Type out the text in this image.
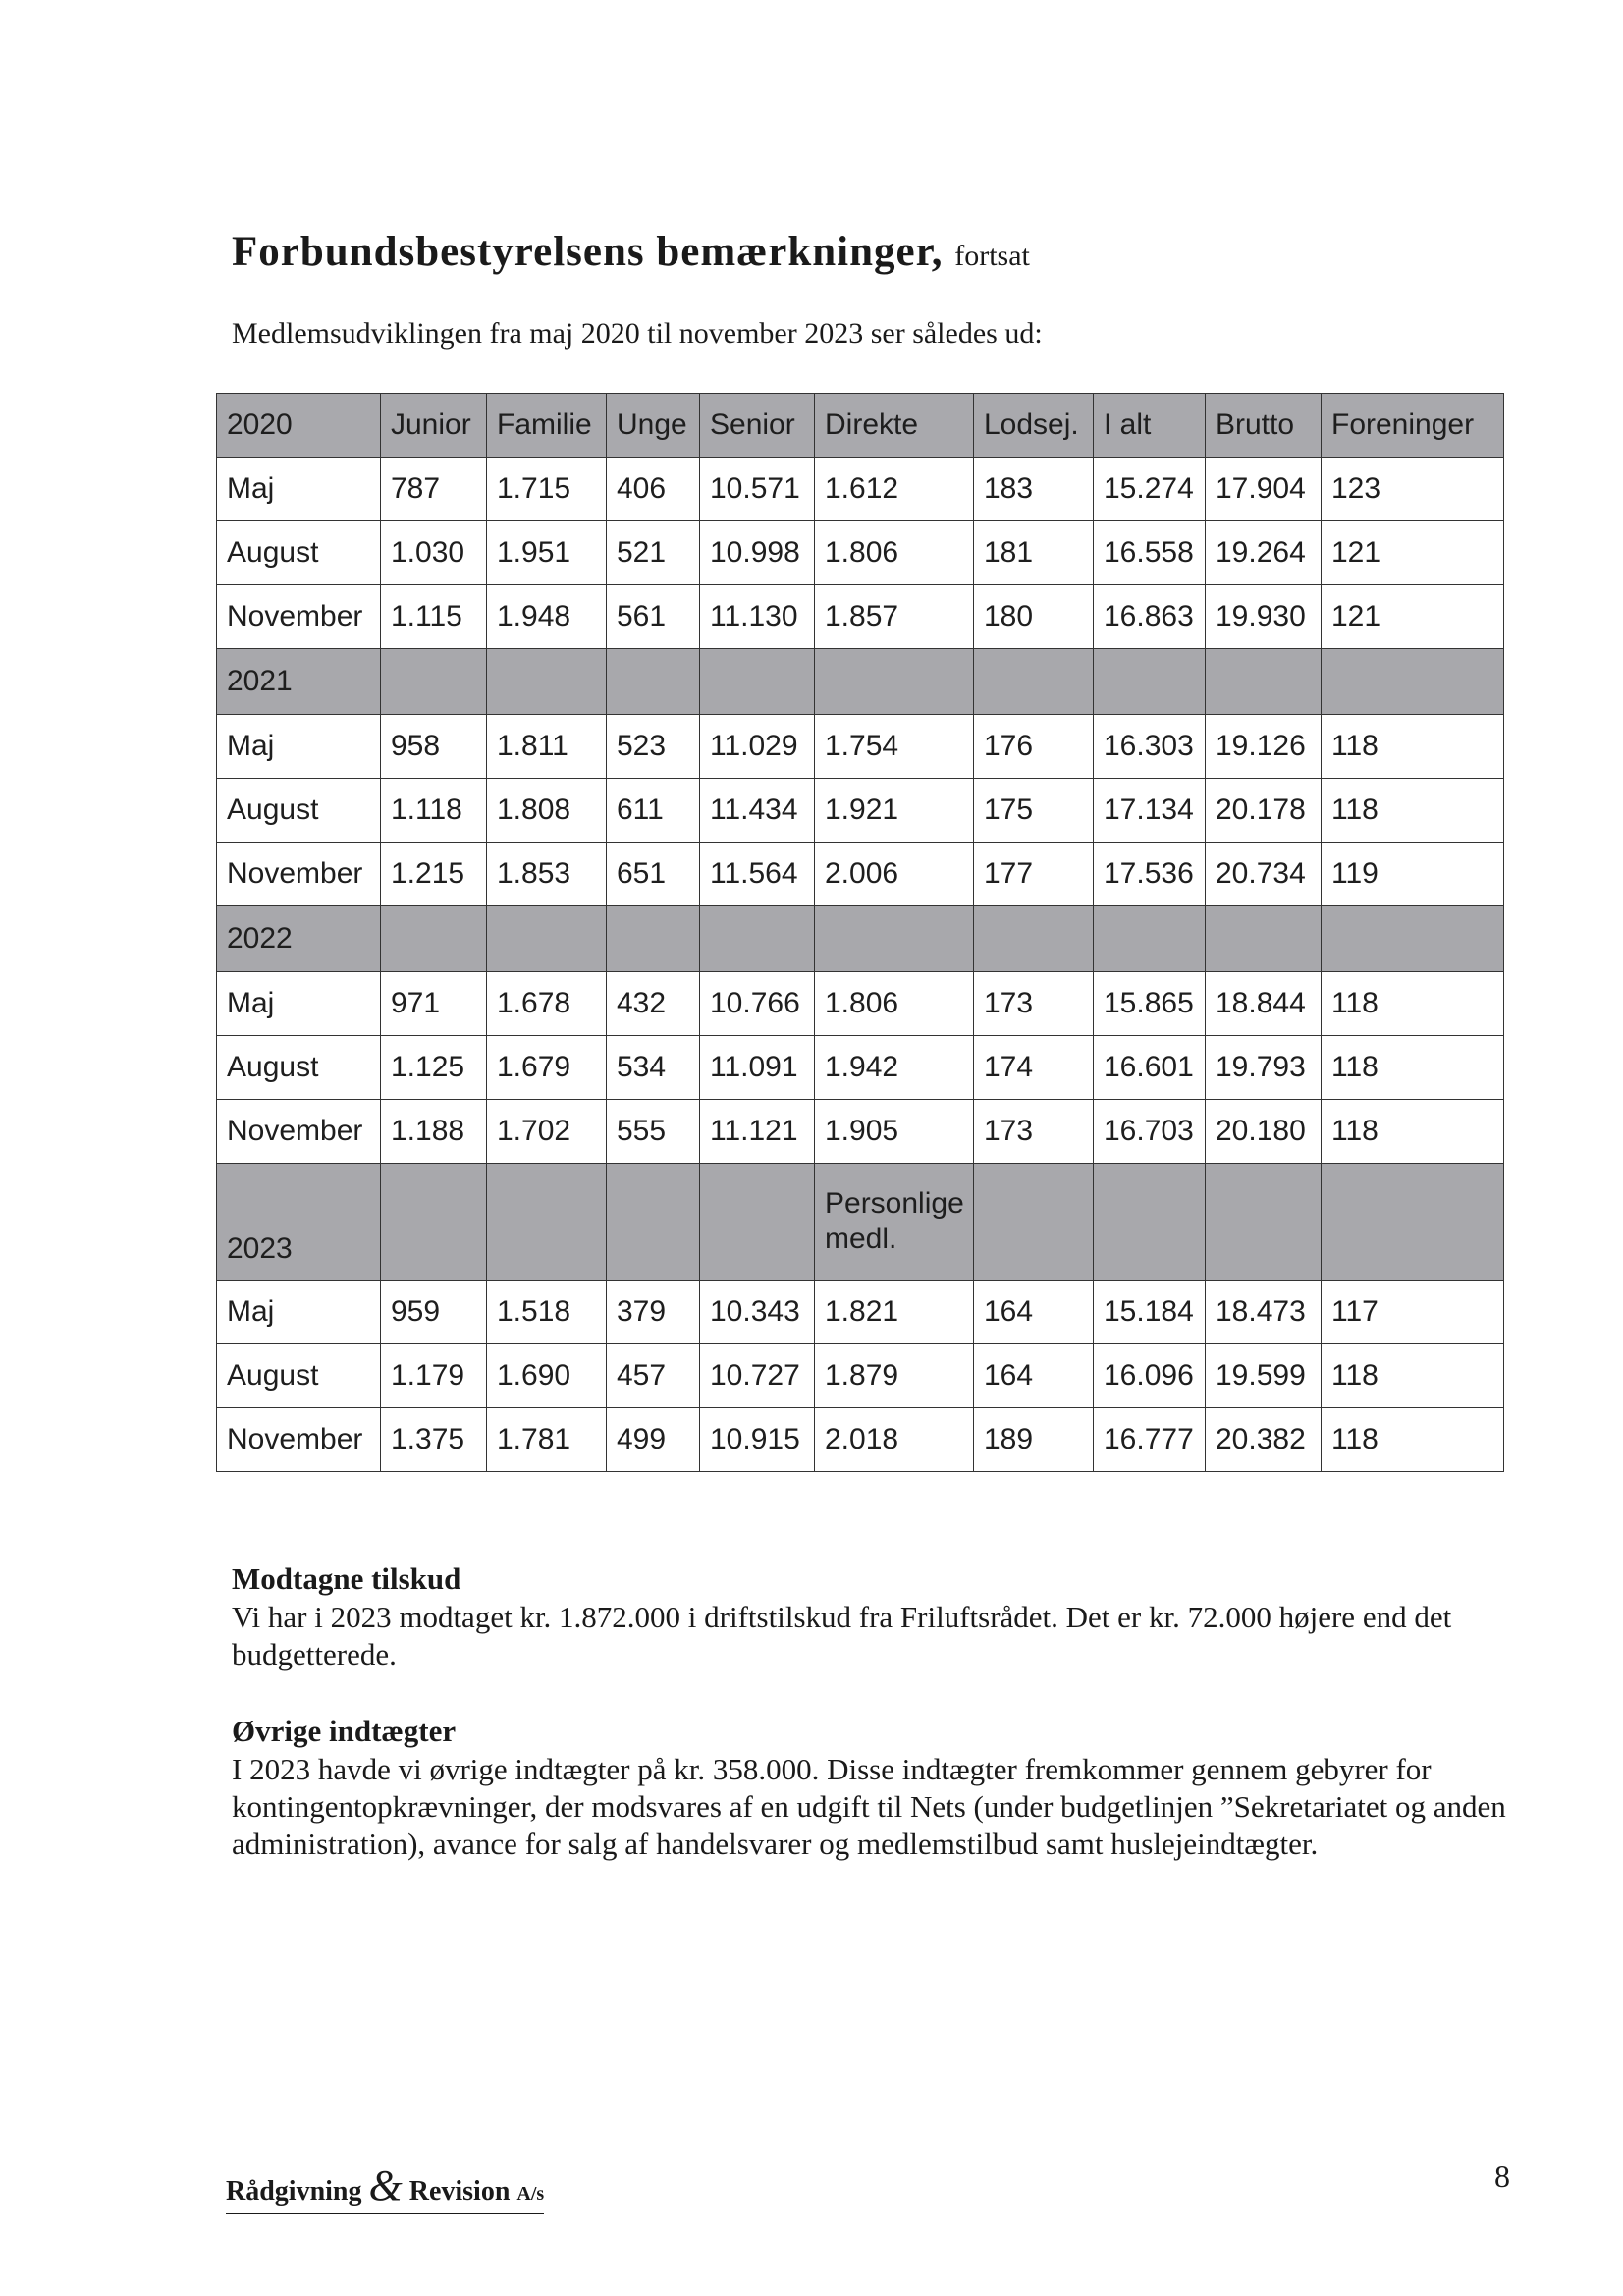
Forbundsbestyrelsens bemærkninger, fortsat
Medlemsudviklingen fra maj 2020 til november 2023 ser således ud:
2020	Junior	Familie	Unge	Senior	Direkte	Lodsej.	I alt	Brutto	Foreninger
Maj	787	1.715	406	10.571	1.612	183	15.274	17.904	123
August	1.030	1.951	521	10.998	1.806	181	16.558	19.264	121
November	1.115	1.948	561	11.130	1.857	180	16.863	19.930	121
2021									
Maj	958	1.811	523	11.029	1.754	176	16.303	19.126	118
August	1.118	1.808	611	11.434	1.921	175	17.134	20.178	118
November	1.215	1.853	651	11.564	2.006	177	17.536	20.734	119
2022									
Maj	971	1.678	432	10.766	1.806	173	15.865	18.844	118
August	1.125	1.679	534	11.091	1.942	174	16.601	19.793	118
November	1.188	1.702	555	11.121	1.905	173	16.703	20.180	118
2023					Personlige medl.				
Maj	959	1.518	379	10.343	1.821	164	15.184	18.473	117
August	1.179	1.690	457	10.727	1.879	164	16.096	19.599	118
November	1.375	1.781	499	10.915	2.018	189	16.777	20.382	118
Modtagne tilskud

Vi har i 2023 modtaget kr. 1.872.000 i driftstilskud fra Friluftsrådet. Det er kr. 72.000 højere end det budgetterede.

Øvrige indtægter

I 2023 havde vi øvrige indtægter på kr. 358.000. Disse indtægter fremkommer gennem gebyrer for kontingentopkrævninger, der modsvares af en udgift til Nets (under budgetlinjen ”Sekretariatet og anden administration), avance for salg af handelsvarer og medlemstilbud samt huslejeindtægter.

Rådgivning & Revision A/s	8
